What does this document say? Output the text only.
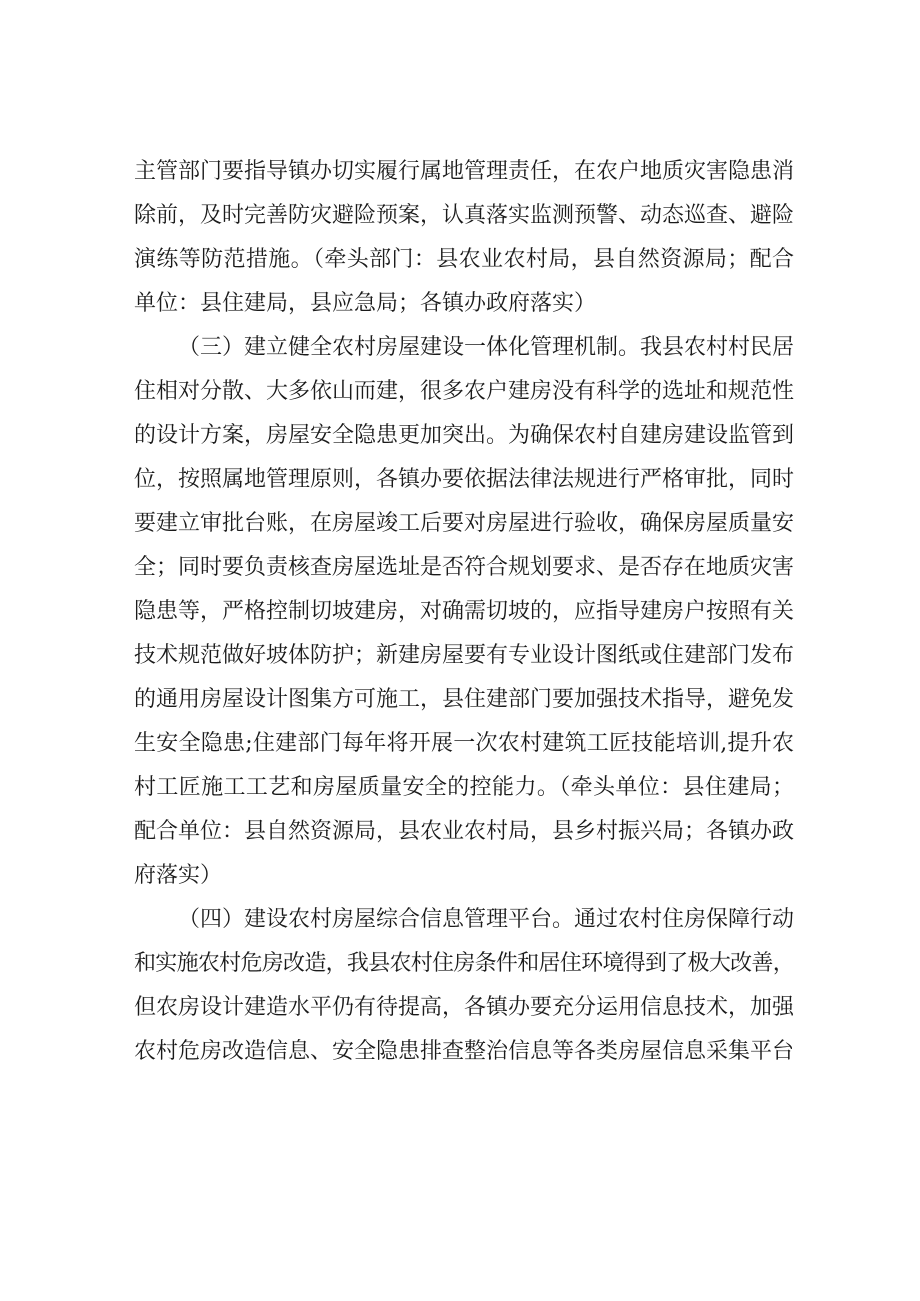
主管部门要指导镇办切实履行属地管理责任，在农户地质灾害隐患消
除前，及时完善防灾避险预案，认真落实监测预警、动态巡查、避险
演练等防范措施。（牵头部门：县农业农村局，县自然资源局；配合
单位：县住建局，县应急局；各镇办政府落实）
（三）建立健全农村房屋建设一体化管理机制。我县农村村民居
住相对分散、大多依山而建，很多农户建房没有科学的选址和规范性
的设计方案，房屋安全隐患更加突出。为确保农村自建房建设监管到
位，按照属地管理原则，各镇办要依据法律法规进行严格审批，同时
要建立审批台账，在房屋竣工后要对房屋进行验收，确保房屋质量安
全；同时要负责核查房屋选址是否符合规划要求、是否存在地质灾害
隐患等，严格控制切坡建房，对确需切坡的，应指导建房户按照有关
技术规范做好坡体防护；新建房屋要有专业设计图纸或住建部门发布
的通用房屋设计图集方可施工，县住建部门要加强技术指导，避免发
生安全隐患;住建部门每年将开展一次农村建筑工匠技能培训,提升农
村工匠施工工艺和房屋质量安全的控能力。（牵头单位：县住建局；
配合单位：县自然资源局，县农业农村局，县乡村振兴局；各镇办政
府落实）
（四）建设农村房屋综合信息管理平台。通过农村住房保障行动
和实施农村危房改造，我县农村住房条件和居住环境得到了极大改善，
但农房设计建造水平仍有待提高，各镇办要充分运用信息技术，加强
农村危房改造信息、安全隐患排查整治信息等各类房屋信息采集平台
